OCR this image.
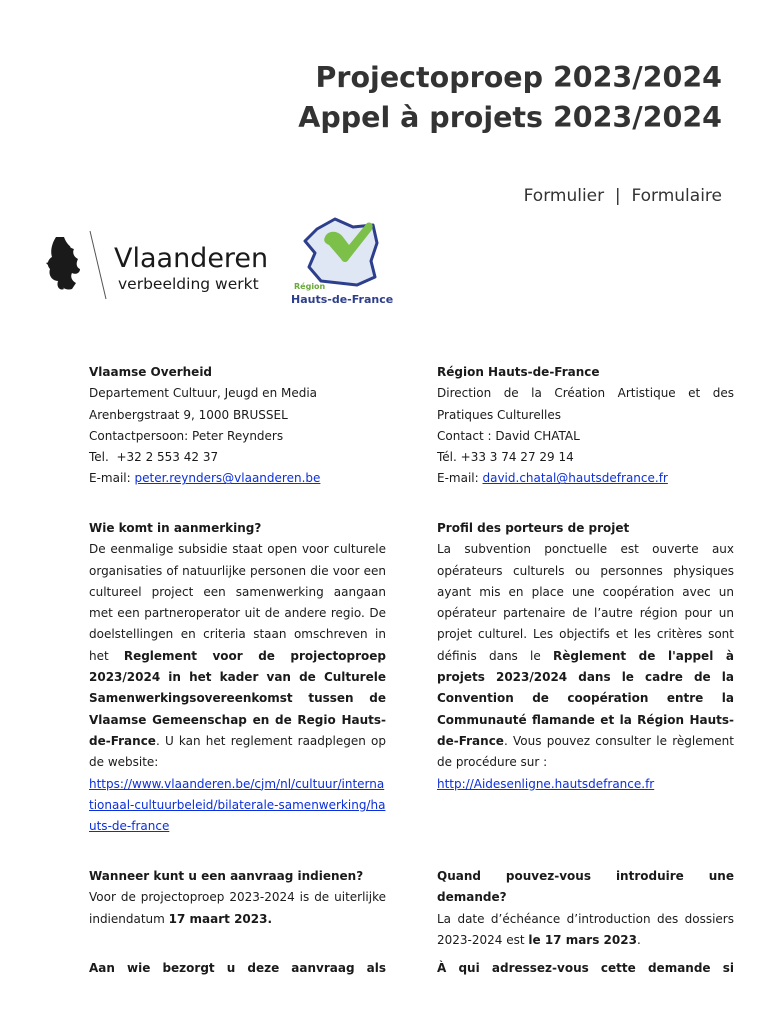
Projectoproep 2023/2024
Appel à projets 2023/2024
Formulier  |  Formulaire
Vlaanderen
verbeelding werkt	Région
Hauts-de-France

Vlaamse Overheid

Departement Cultuur, Jeugd en Media

Arenbergstraat 9, 1000 BRUSSEL

Contactpersoon: Peter Reynders

Tel.  +32 2 553 42 37

E-mail: peter.reynders@vlaanderen.be

Wie komt in aanmerking?

De eenmalige subsidie staat open voor culturele organisaties of natuurlijke personen die voor een cultureel project een samenwerking aangaan met een partneroperator uit de andere regio. De doelstellingen en criteria staan omschreven in het Reglement voor de projectoproep 2023/2024 in het kader van de Culturele Samenwerkingsovereenkomst tussen de Vlaamse Gemeenschap en de Regio Hauts-de-France. U kan het reglement raadplegen op de website:

https://www.vlaanderen.be/cjm/nl/cultuur/internationaal-cultuurbeleid/bilaterale-samenwerking/hauts-de-france

Wanneer kunt u een aanvraag indienen?

Voor de projectoproep 2023-2024 is de uiterlijke indiendatum 17 maart 2023.

Aan wie bezorgt u deze aanvraag als

Région Hauts-de-France

Direction de la Création Artistique et des Pratiques Culturelles

Contact : David CHATAL

Tél. +33 3 74 27 29 14

E-mail: david.chatal@hautsdefrance.fr

Profil des porteurs de projet

La subvention ponctuelle est ouverte aux opérateurs culturels ou personnes physiques ayant mis en place une coopération avec un opérateur partenaire de l’autre région pour un projet culturel. Les objectifs et les critères sont définis dans le Règlement de l'appel à projets 2023/2024 dans le cadre de la Convention de coopération entre la Communauté flamande et la Région Hauts-de-France. Vous pouvez consulter le règlement de procédure sur :

http://Aidesenligne.hautsdefrance.fr

Quand pouvez-vous introduire une demande?

La date d’échéance d’introduction des dossiers 2023-2024 est le 17 mars 2023.

À qui adressez-vous cette demande si
